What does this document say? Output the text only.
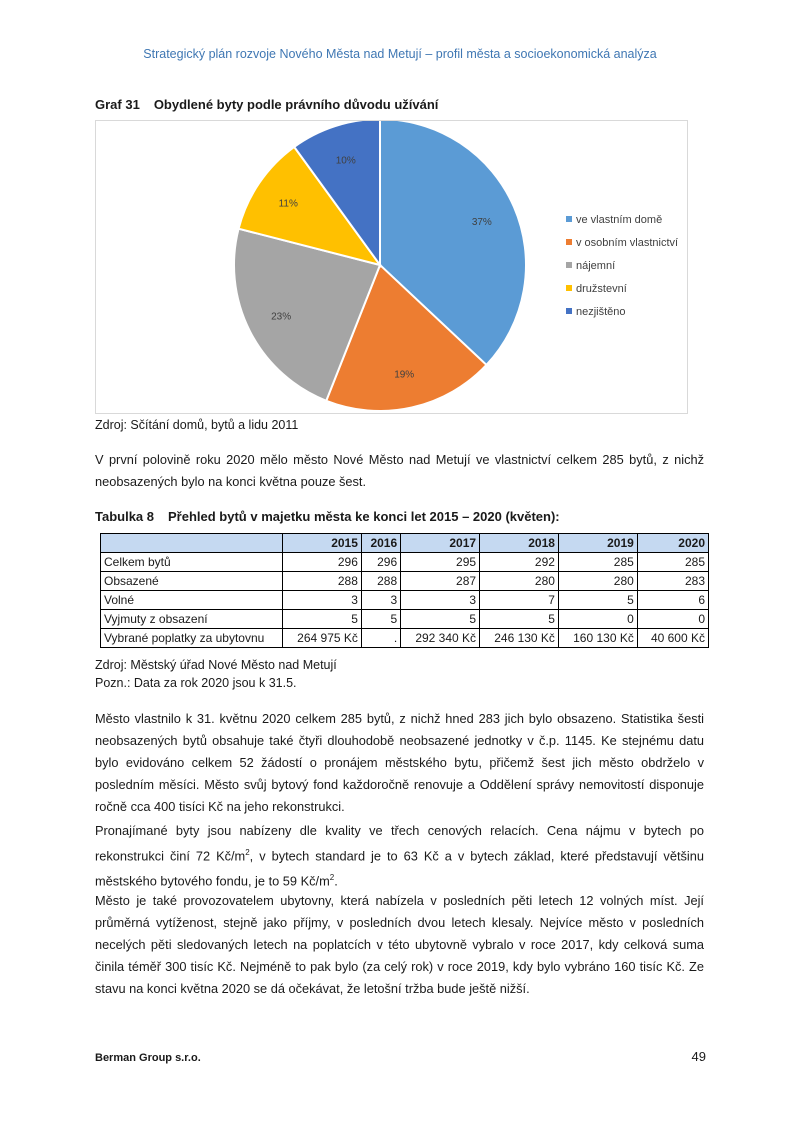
Strategický plán rozvoje Nového Města nad Metují – profil města a socioekonomická analýza
Graf 31 Obydlené byty podle právního důvodu užívání
37%
19%
23%
11%
10%
ve vlastním domě
v osobním vlastnictví
nájemní
družstevní
nezjištěno
Zdroj: Sčítání domů, bytů a lidu 2011

V první polovině roku 2020 mělo město Nové Město nad Metují ve vlastnictví celkem 285 bytů, z nichž neobsazených bylo na konci května pouze šest.

Tabulka 8 Přehled bytů v majetku města ke konci let 2015 – 2020 (květen):
	2015	2016	2017	2018	2019	2020
Celkem bytů	296	296	295	292	285	285
Obsazené	288	288	287	280	280	283
Volné	3	3	3	7	5	6
Vyjmuty z obsazení	5	5	5	5	0	0
Vybrané poplatky za ubytovnu	264 975 Kč	.	292 340 Kč	246 130 Kč	160 130 Kč	40 600 Kč
Zdroj: Městský úřad Nové Město nad Metují
Pozn.: Data za rok 2020 jsou k 31.5.

Město vlastnilo k 31. květnu 2020 celkem 285 bytů, z nichž hned 283 jich bylo obsazeno. Statistika šesti neobsazených bytů obsahuje také čtyři dlouhodobě neobsazené jednotky v č.p. 1145. Ke stejnému datu bylo evidováno celkem 52 žádostí o pronájem městského bytu, přičemž šest jich město obdrželo v posledním měsíci. Město svůj bytový fond každoročně renovuje a Oddělení správy nemovitostí disponuje ročně cca 400 tisíci Kč na jeho rekonstrukci.

Pronajímané byty jsou nabízeny dle kvality ve třech cenových relacích. Cena nájmu v bytech po rekonstrukci činí 72 $Kč/m^2$, v bytech standard je to 63 Kč a v bytech základ, které představují většinu městského bytového fondu, je to 59 $Kč/m^2$.

Město je také provozovatelem ubytovny, která nabízela v posledních pěti letech 12 volných míst. Její průměrná vytíženost, stejně jako příjmy, v posledních dvou letech klesaly. Nejvíce město v posledních necelých pěti sledovaných letech na poplatcích v této ubytovně vybralo v roce 2017, kdy celková suma činila téměř 300 tisíc Kč. Nejméně to pak bylo (za celý rok) v roce 2019, kdy bylo vybráno 160 tisíc Kč. Ze stavu na konci května 2020 se dá očekávat, že letošní tržba bude ještě nižší.

Berman Group s.r.o.	49
